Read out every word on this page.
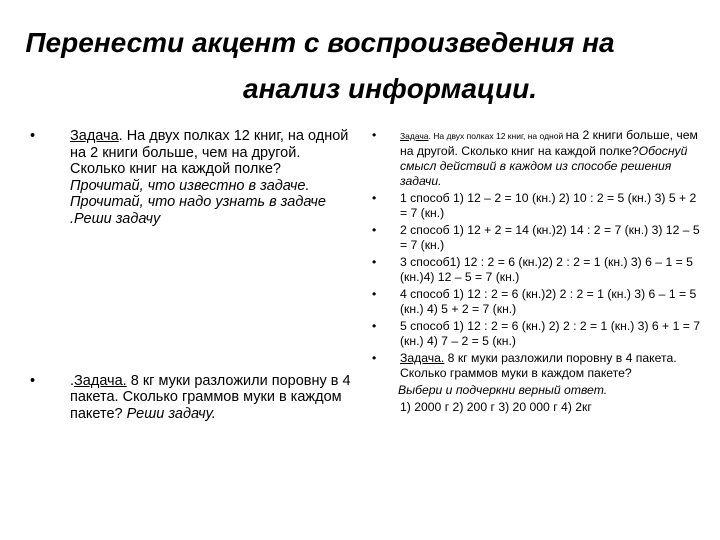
Перенести акцент с воспроизведения на
анализ информации.
• Задача. На двух полках 12 книг, на одной на 2 книги больше, чем на другой. Сколько книг на каждой полке? Прочитай, что известно в задаче. Прочитай, что надо узнать в задаче
.Реши задачу
• .Задача. 8 кг муки разложили поровну в 4 пакета. Сколько граммов муки в каждом пакете? Реши задачу.
•	Задача. На двух полках 12 книг, на одной на 2 книги больше, чем на другой. Сколько книг на каждой полке?Обоснуй смысл действий в каждом из способе решения задачи.
• 1 способ 1) 12 – 2 = 10 (кн.) 2) 10 : 2 = 5 (кн.) 3) 5 + 2 = 7 (кн.)
• 2 способ 1) 12 + 2 = 14 (кн.)2) 14 : 2 = 7 (кн.) 3) 12 – 5 = 7 (кн.)
• 3 способ1) 12 : 2 = 6 (кн.)2) 2 : 2 = 1 (кн.) 3) 6 – 1 = 5 (кн.)4) 12 – 5 = 7 (кн.)
• 4 способ 1) 12 : 2 = 6 (кн.)2) 2 : 2 = 1 (кн.) 3) 6 – 1 = 5 (кн.) 4) 5 + 2 = 7 (кн.)
• 5 способ 1) 12 : 2 = 6 (кн.) 2) 2 : 2 = 1 (кн.) 3) 6 + 1 = 7 (кн.) 4) 7 – 2 = 5 (кн.)
• Задача. 8 кг муки разложили поровну в 4 пакета. Сколько граммов муки в каждом пакете?
Выбери и подчеркни верный ответ.
1) 2000 г 2) 200 г 3) 20 000 г 4) 2кг
